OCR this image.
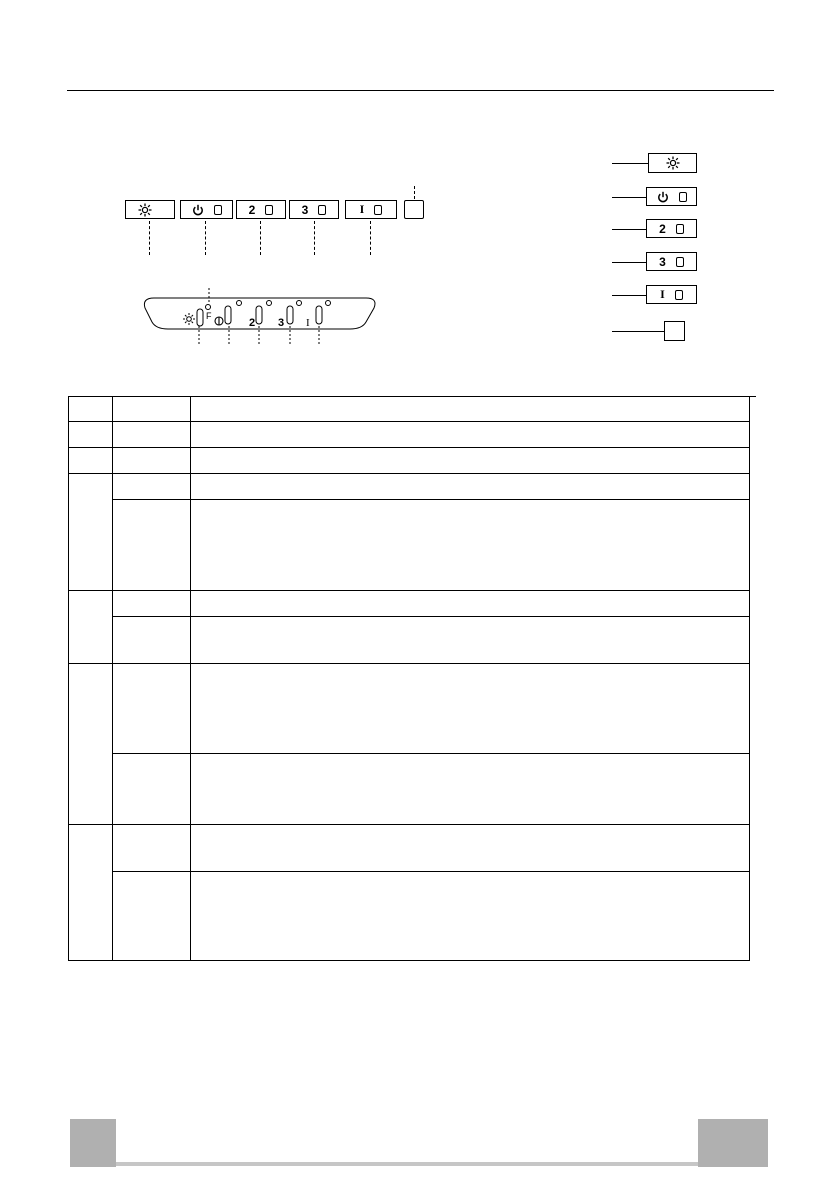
2	3	I
F
2 3 I
2
3
I
